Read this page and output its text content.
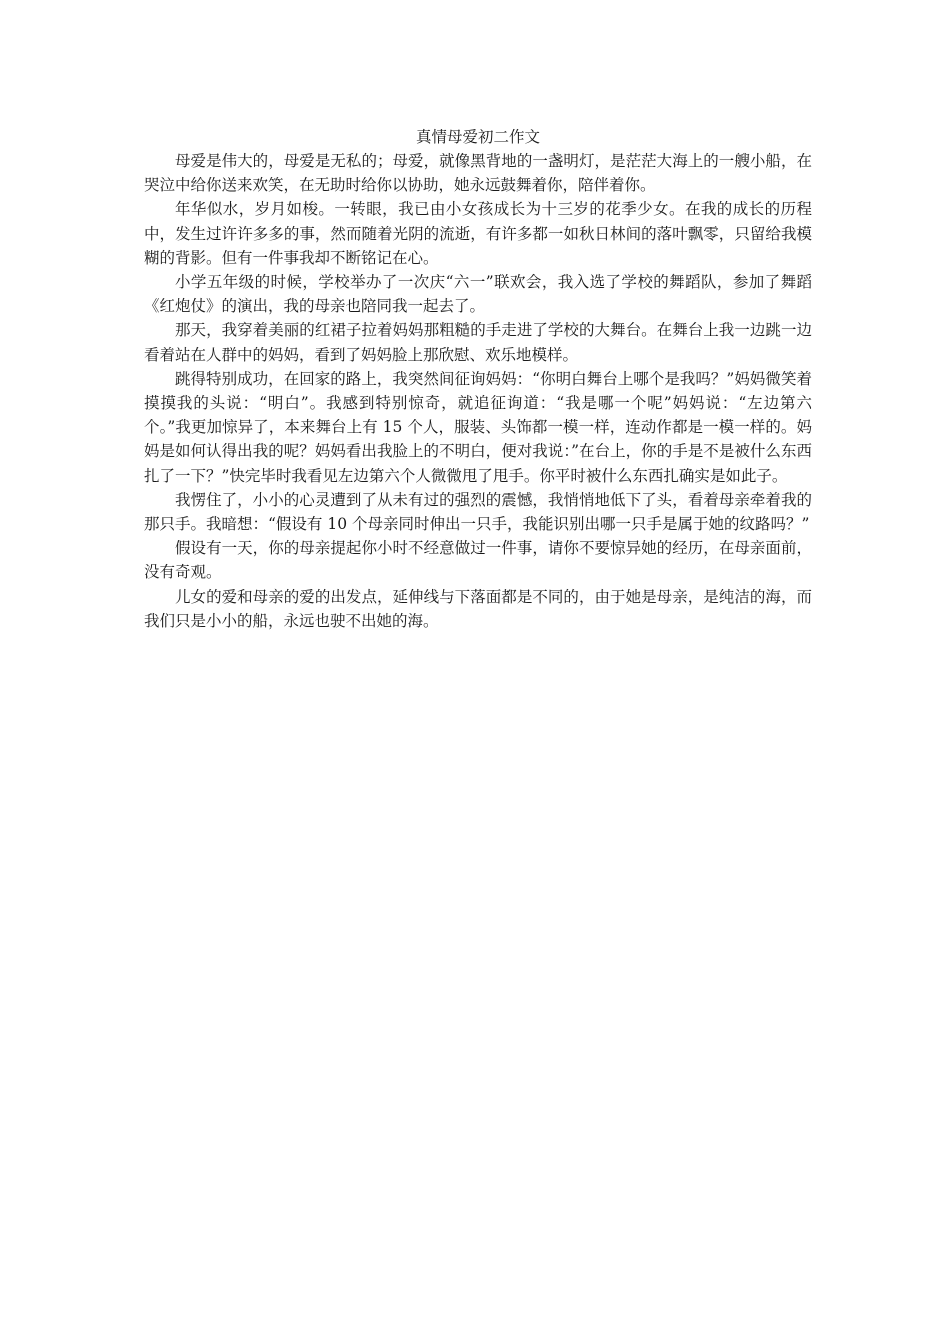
真情母爱初二作文

母爱是伟大的，母爱是无私的；母爱，就像黑背地的一盏明灯，是茫茫大海上的一艘小船，在哭泣中给你送来欢笑，在无助时给你以协助，她永远鼓舞着你，陪伴着你。

年华似水，岁月如梭。一转眼，我已由小女孩成长为十三岁的花季少女。在我的成长的历程中，发生过许许多多的事，然而随着光阴的流逝，有许多都一如秋日林间的落叶飘零，只留给我模糊的背影。但有一件事我却不断铭记在心。

小学五年级的时候，学校举办了一次庆“六一”联欢会，我入选了学校的舞蹈队，参加了舞蹈《红炮仗》的演出，我的母亲也陪同我一起去了。

那天，我穿着美丽的红裙子拉着妈妈那粗糙的手走进了学校的大舞台。在舞台上我一边跳一边看着站在人群中的妈妈，看到了妈妈脸上那欣慰、欢乐地模样。

跳得特别成功，在回家的路上，我突然间征询妈妈：“你明白舞台上哪个是我吗？”妈妈微笑着摸摸我的头说：“明白”。我感到特别惊奇，就追征询道：“我是哪一个呢”妈妈说：“左边第六个。”我更加惊异了，本来舞台上有 15 个人，服装、头饰都一模一样，连动作都是一模一样的。妈妈是如何认得出我的呢？妈妈看出我脸上的不明白，便对我说：”在台上，你的手是不是被什么东西扎了一下？”快完毕时我看见左边第六个人微微甩了甩手。你平时被什么东西扎确实是如此子。

我愣住了，小小的心灵遭到了从未有过的强烈的震憾，我悄悄地低下了头，看着母亲牵着我的那只手。我暗想：“假设有 10 个母亲同时伸出一只手，我能识别出哪一只手是属于她的纹路吗？”

假设有一天，你的母亲提起你小时不经意做过一件事，请你不要惊异她的经历，在母亲面前，没有奇观。

儿女的爱和母亲的爱的出发点，延伸线与下落面都是不同的，由于她是母亲，是纯洁的海，而我们只是小小的船，永远也驶不出她的海。
